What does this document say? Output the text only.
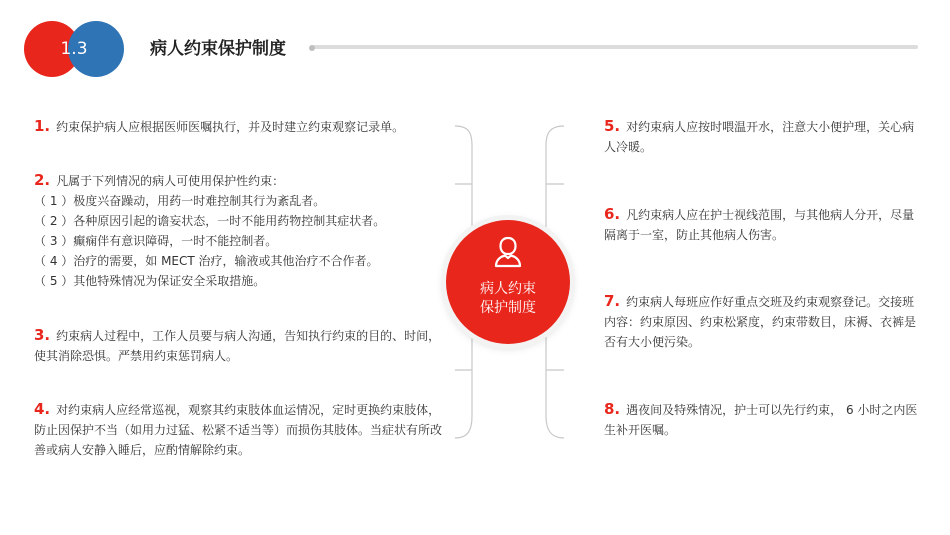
1.3	病人约束保护制度
病人约束
保护制度
1. 约束保护病人应根据医师医嘱执行，并及时建立约束观察记录单。
2. 凡属于下列情况的病人可使用保护性约束：
（ 1 ）极度兴奋躁动，用药一时难控制其行为紊乱者。
（ 2 ）各种原因引起的谵妄状态，一时不能用药物控制其症状者。
（ 3 ）癫痫伴有意识障碍，一时不能控制者。
（ 4 ）治疗的需要，如 MECT 治疗，输液或其他治疗不合作者。
（ 5 ）其他特殊情况为保证安全采取措施。
3. 约束病人过程中，工作人员要与病人沟通，告知执行约束的目的、时间，使其消除恐惧。严禁用约束惩罚病人。
4. 对约束病人应经常巡视，观察其约束肢体血运情况，定时更换约束肢体，防止因保护不当（如用力过猛、松紧不适当等）而损伤其肢体。当症状有所改善或病人安静入睡后，应酌情解除约束。
5. 对约束病人应按时喂温开水，注意大小便护理，关心病人冷暖。
6. 凡约束病人应在护士视线范围，与其他病人分开，尽量隔离于一室，防止其他病人伤害。
7. 约束病人每班应作好重点交班及约束观察登记。交接班内容：约束原因、约束松紧度，约束带数目，床褥、衣裤是否有大小便污染。
8. 遇夜间及特殊情况，护士可以先行约束， 6 小时之内医生补开医嘱。
